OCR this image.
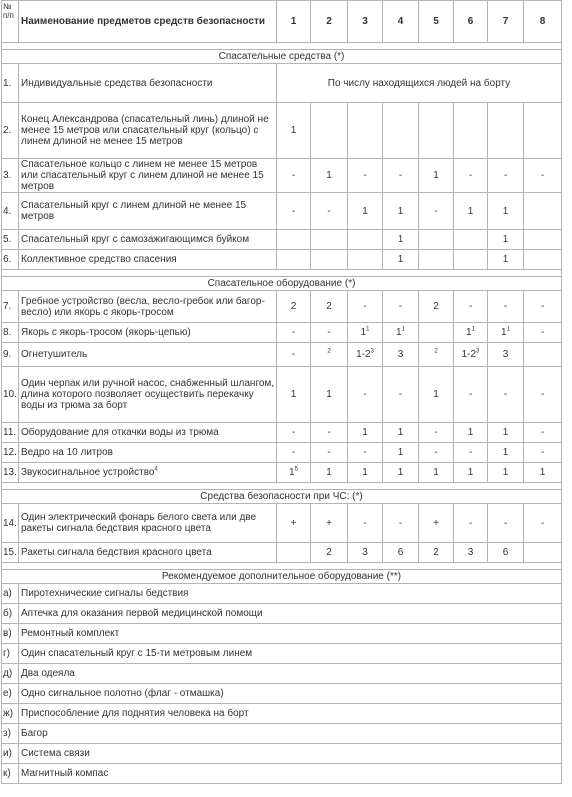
№ п/п	Наименование предметов средств безопасности	1	2	3	4	5	6	7	8

Спасательные средства (*)									
1.	Индивидуальные средства безопасности	По числу находящихся людей на борту							
2.	Конец Александрова (спасательный линь) длиной не менее 15 метров или спасательный круг (кольцо) с линем длиной не менее 15 метров	1							
3.	Спасательное кольцо с линем не менее 15 метров или спасательный круг с линем длиной не менее 15 метров	-	1	-	-	1	-	-	-
4.	Спасательный круг с линем длиной не менее 15 метров	-	-	1	1	-	1	1	
5.	Спасательный круг с самозажигающимся буйком				1			1	
6.	Коллективное средство спасения				1			1	

Спасательное оборудование (*)									
7.	Гребное устройство (весла, весло-гребок или багор-весло) или якорь с якорь-тросом	2	2	-	-	2	-	-	-
8.	Якорь с якорь-тросом (якорь-цепью)	-	-	$1^1$	$1^1$		$1^1$	$1^1$	-
9.	Огнетушитель	-	$^2$	$1-2^3$	3	$^2$	$1-2^3$	3	
10.	Один черпак или ручной насос, снабженный шлангом, длина которого позволяет осуществить перекачку воды из трюма за борт	1	1	-	-	1	-	-	-
11.	Оборудование для откачки воды из трюма	-	-	1	1	-	1	1	-
12.	Ведро на 10 литров	-	-	-	1	-	-	1	-
13.	Звукосигнальное устройство$^4$	$1^5$	1	1	1	1	1	1	1

Средства безопасности при ЧС: (*)									
14.	Один электрический фонарь белого света или две ракеты сигнала бедствия красного цвета	+	+	-	-	+	-	-	-
15.	Ракеты сигнала бедствия красного цвета		2	3	6	2	3	6	

Рекомендуемое дополнительное оборудование (**)									
а)	Пиротехнические сигналы бедствия								
б)	Аптечка для оказания первой медицинской помощи								
в)	Ремонтный комплект								
г)	Один спасательный круг с 15-ти метровым линем								
д)	Два одеяла								
е)	Одно сигнальное полотно (флаг - отмашка)								
ж)	Приспособление для поднятия человека на борт								
з)	Багор								
и)	Система связи								
к)	Магнитный компас								
